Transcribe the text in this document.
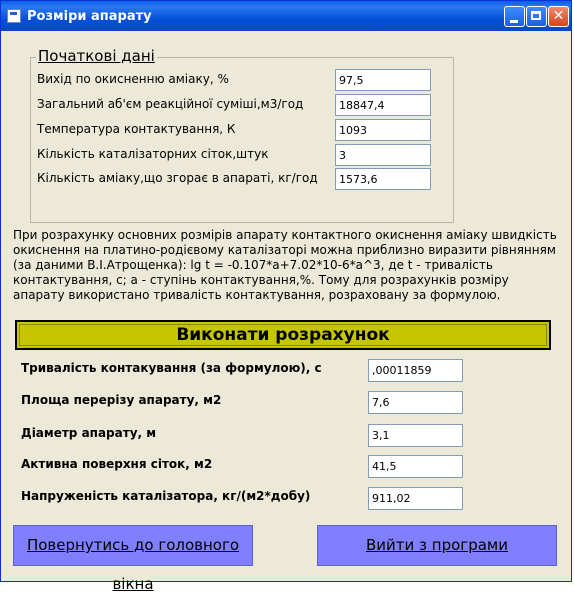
Розміри апарату	✕
Початкові дані
Вихід по окисненню аміаку, %	97,5
Загальний аб'єм реакційної суміші,м3/год	18847,4
Температура контактування, К	1093
Кількість каталізаторних сіток,штук	3
Кількість аміаку,що згорає в апараті, кг/год	1573,6
При розрахунку основних розмірів апарату контактного окиснення аміаку швидкість окиснення на платино-родієвому каталізаторі можна приблизно виразити рівнянням (за даними В.І.Атрощенка): lg t = -0.107*a+7.02*10-6*a^3, де t - тривалість контактування, с; a - ступінь контактування,%. Тому для розрахунків розміру апарату використано тривалість контактування, розраховану за формулою.
Виконати розрахунок
Тривалість контакування (за формулою), с	,00011859
Площа перерізу апарату, м2	7,6
Діаметр апарату, м	3,1
Активна поверхня сіток, м2	41,5
Напруженість каталізатора, кг/(м2*добу)	911,02
Повернутись до головного вікна
Вийти з програми
